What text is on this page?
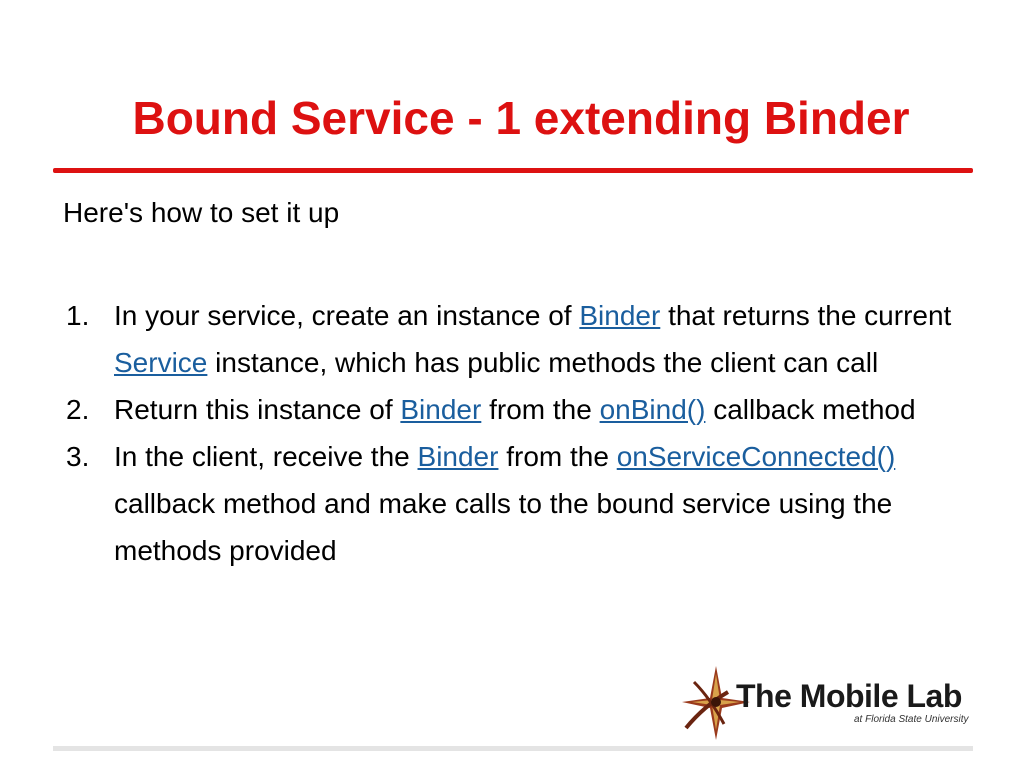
Bound Service - 1 extending Binder
Here's how to set it up
1. In your service, create an instance of Binder that returns the current Service instance, which has public methods the client can call
2. Return this instance of Binder from the onBind() callback method
3. In the client, receive the Binder from the onServiceConnected() callback method and make calls to the bound service using the methods provided
The Mobile Lab
at Florida State University
